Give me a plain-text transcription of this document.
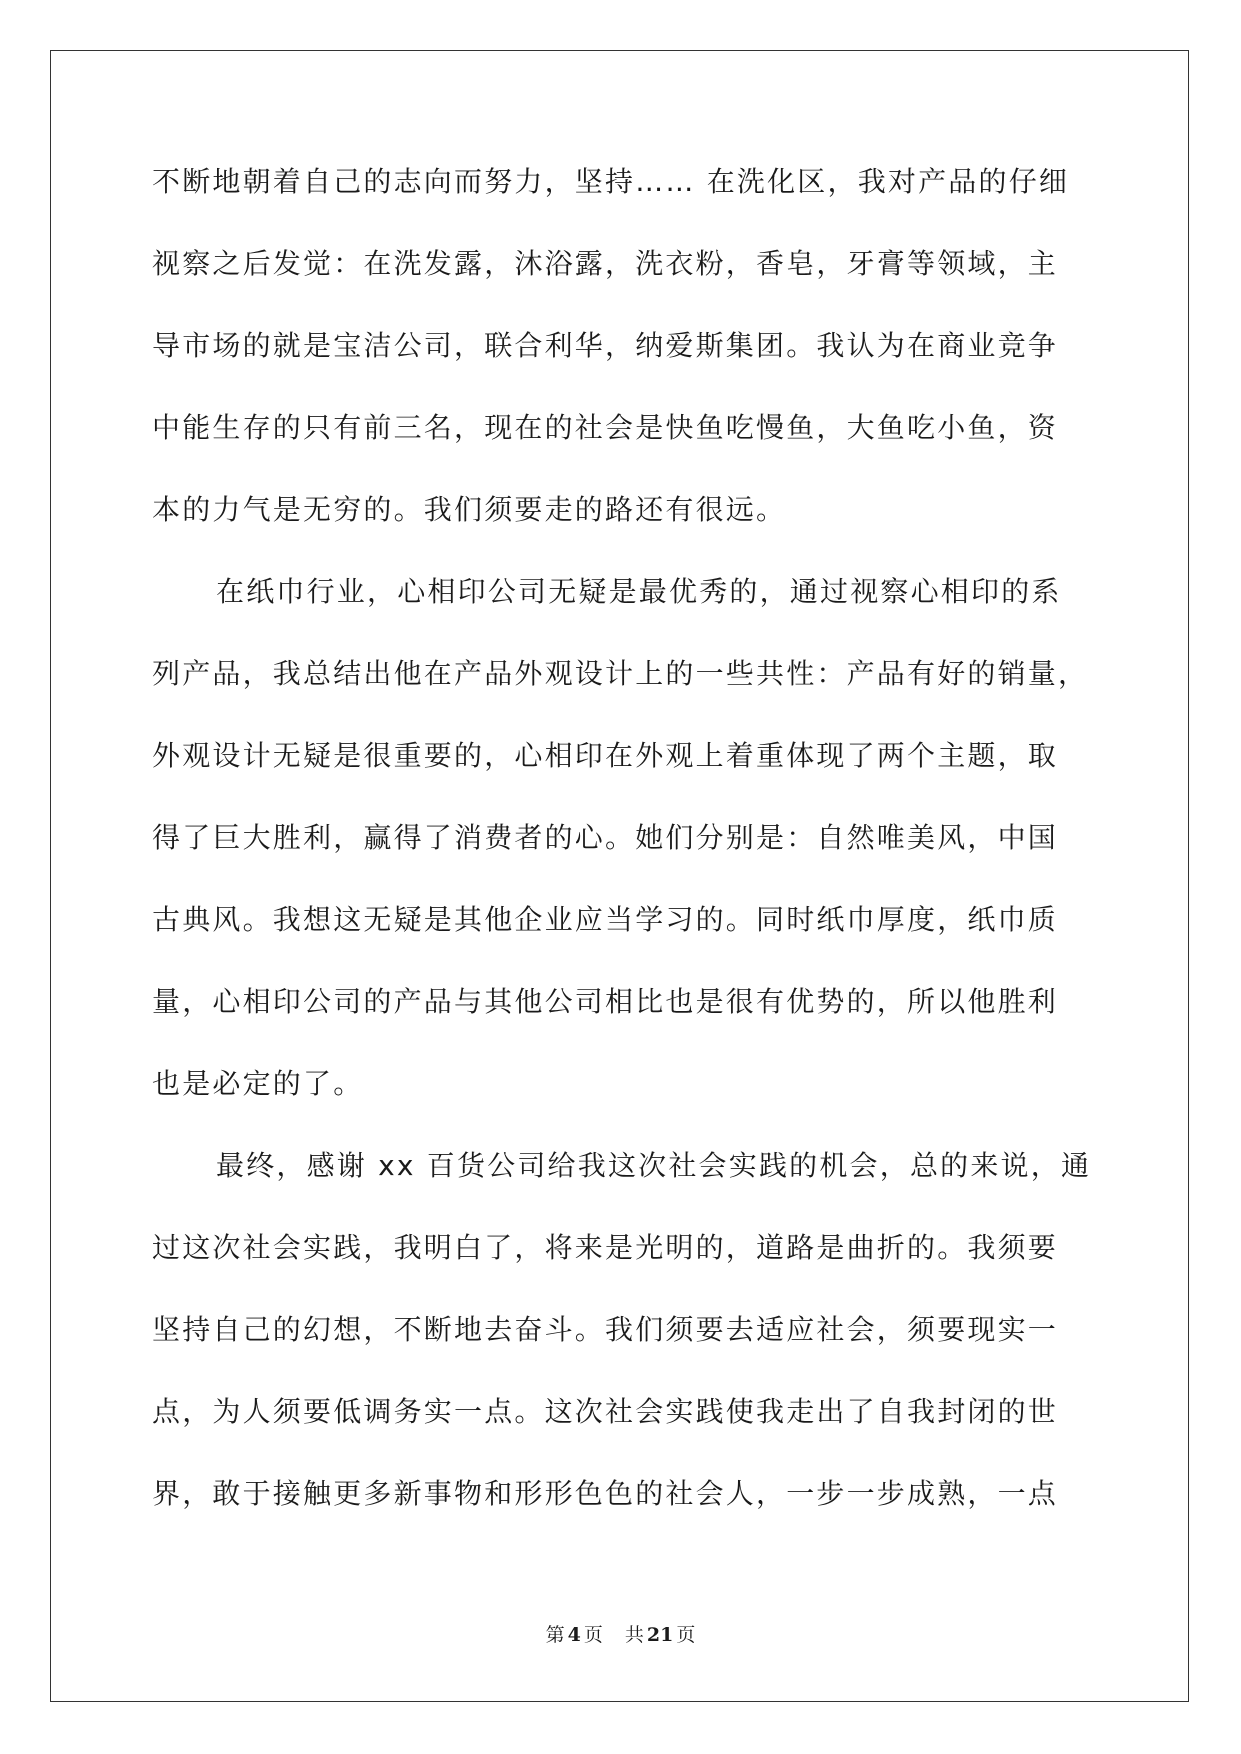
不断地朝着自己的志向而努力，坚持…… 在洗化区，我对产品的仔细
视察之后发觉：在洗发露，沐浴露，洗衣粉，香皂，牙膏等领域，主
导市场的就是宝洁公司，联合利华，纳爱斯集团。我认为在商业竞争
中能生存的只有前三名，现在的社会是快鱼吃慢鱼，大鱼吃小鱼，资
本的力气是无穷的。我们须要走的路还有很远。
在纸巾行业，心相印公司无疑是最优秀的，通过视察心相印的系
列产品，我总结出他在产品外观设计上的一些共性：产品有好的销量，
外观设计无疑是很重要的，心相印在外观上着重体现了两个主题，取
得了巨大胜利，赢得了消费者的心。她们分别是：自然唯美风，中国
古典风。我想这无疑是其他企业应当学习的。同时纸巾厚度，纸巾质
量，心相印公司的产品与其他公司相比也是很有优势的，所以他胜利
也是必定的了。
最终，感谢 xx 百货公司给我这次社会实践的机会，总的来说，通
过这次社会实践，我明白了，将来是光明的，道路是曲折的。我须要
坚持自己的幻想，不断地去奋斗。我们须要去适应社会，须要现实一
点，为人须要低调务实一点。这次社会实践使我走出了自我封闭的世
界，敢于接触更多新事物和形形色色的社会人，一步一步成熟，一点
第 4 页 共 21 页
